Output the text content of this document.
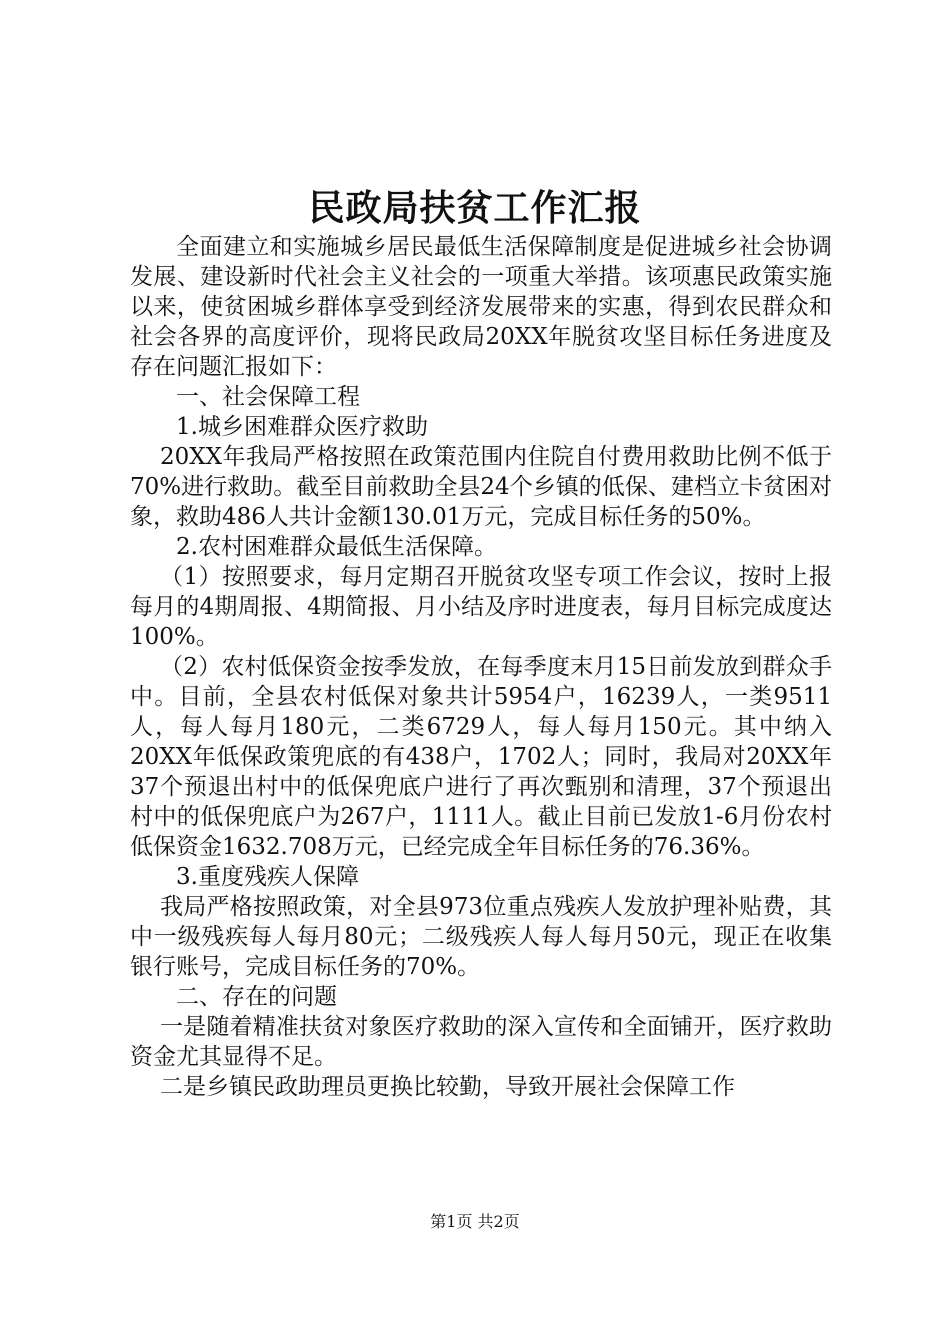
民政局扶贫工作汇报

全面建立和实施城乡居民最低生活保障制度是促进城乡社会协调发展、建设新时代社会主义社会的一项重大举措。该项惠民政策实施以来，使贫困城乡群体享受到经济发展带来的实惠，得到农民群众和社会各界的高度评价，现将民政局20XX年脱贫攻坚目标任务进度及存在问题汇报如下：

一、社会保障工程

1.城乡困难群众医疗救助

20XX年我局严格按照在政策范围内住院自付费用救助比例不低于70%进行救助。截至目前救助全县24个乡镇的低保、建档立卡贫困对象，救助486人共计金额130.01万元，完成目标任务的50%。

2.农村困难群众最低生活保障。

（1）按照要求，每月定期召开脱贫攻坚专项工作会议，按时上报每月的4期周报、4期简报、月小结及序时进度表，每月目标完成度达100%。

（2）农村低保资金按季发放，在每季度末月15日前发放到群众手中。目前，全县农村低保对象共计5954户，16239人，一类9511人，每人每月180元，二类6729人，每人每月150元。其中纳入20XX年低保政策兜底的有438户，1702人；同时，我局对20XX年37个预退出村中的低保兜底户进行了再次甄别和清理，37个预退出村中的低保兜底户为267户，1111人。截止目前已发放1-6月份农村低保资金1632.708万元，已经完成全年目标任务的76.36%。

3.重度残疾人保障

我局严格按照政策，对全县973位重点残疾人发放护理补贴费，其中一级残疾每人每月80元；二级残疾人每人每月50元，现正在收集银行账号，完成目标任务的70%。

二、存在的问题

一是随着精准扶贫对象医疗救助的深入宣传和全面铺开，医疗救助资金尤其显得不足。

二是乡镇民政助理员更换比较勤，导致开展社会保障工作

第1页 共2页
